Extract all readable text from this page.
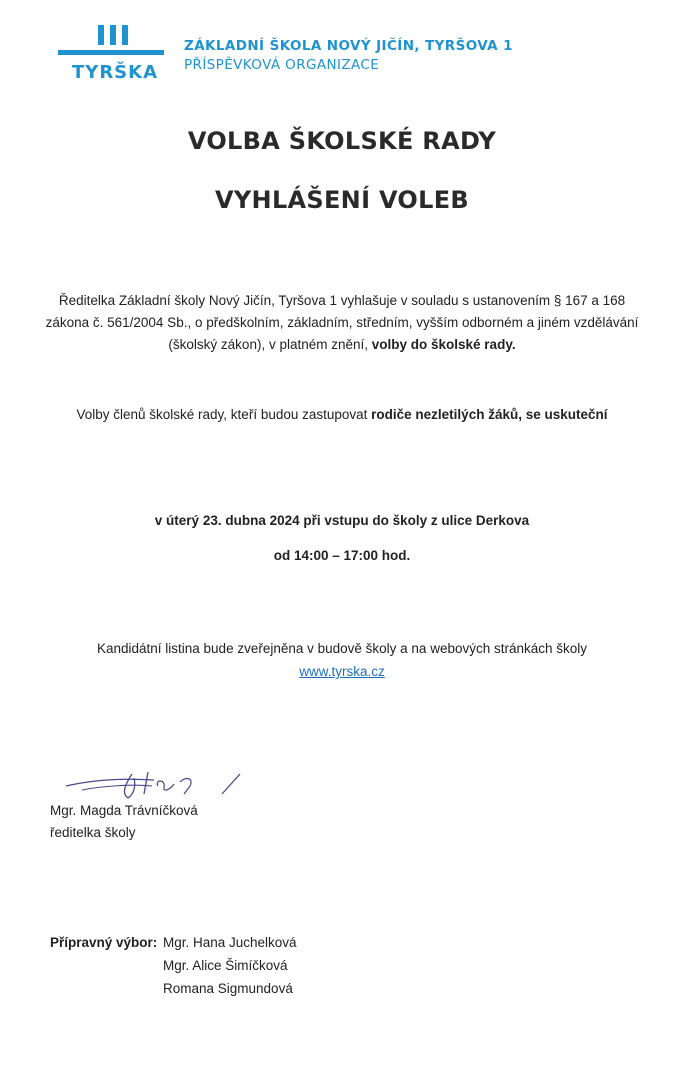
TYRŠKA
ZÁKLADNÍ ŠKOLA NOVÝ JIČÍN, TYRŠOVA 1
PŘÍSPĚVKOVÁ ORGANIZACE
VOLBA ŠKOLSKÉ RADY
VYHLÁŠENÍ VOLEB
Ředitelka Základní školy Nový Jičín, Tyršova 1 vyhlašuje v souladu s ustanovením § 167 a 168 zákona č. 561/2004 Sb., o předškolním, základním, středním, vyšším odborném a jiném vzdělávání (školský zákon), v platném znění, volby do školské rady.
Volby členů školské rady, kteří budou zastupovat rodiče nezletilých žáků, se uskuteční
v úterý 23. dubna 2024 při vstupu do školy z ulice Derkova
od 14:00 – 17:00 hod.
Kandidátní listina bude zveřejněna v budově školy a na webových stránkách školy
www.tyrska.cz
Mgr. Magda Trávníčková
ředitelka školy
Přípravný výbor: Mgr. Hana Juchelková
Mgr. Alice Šimíčková
Romana Sigmundová
